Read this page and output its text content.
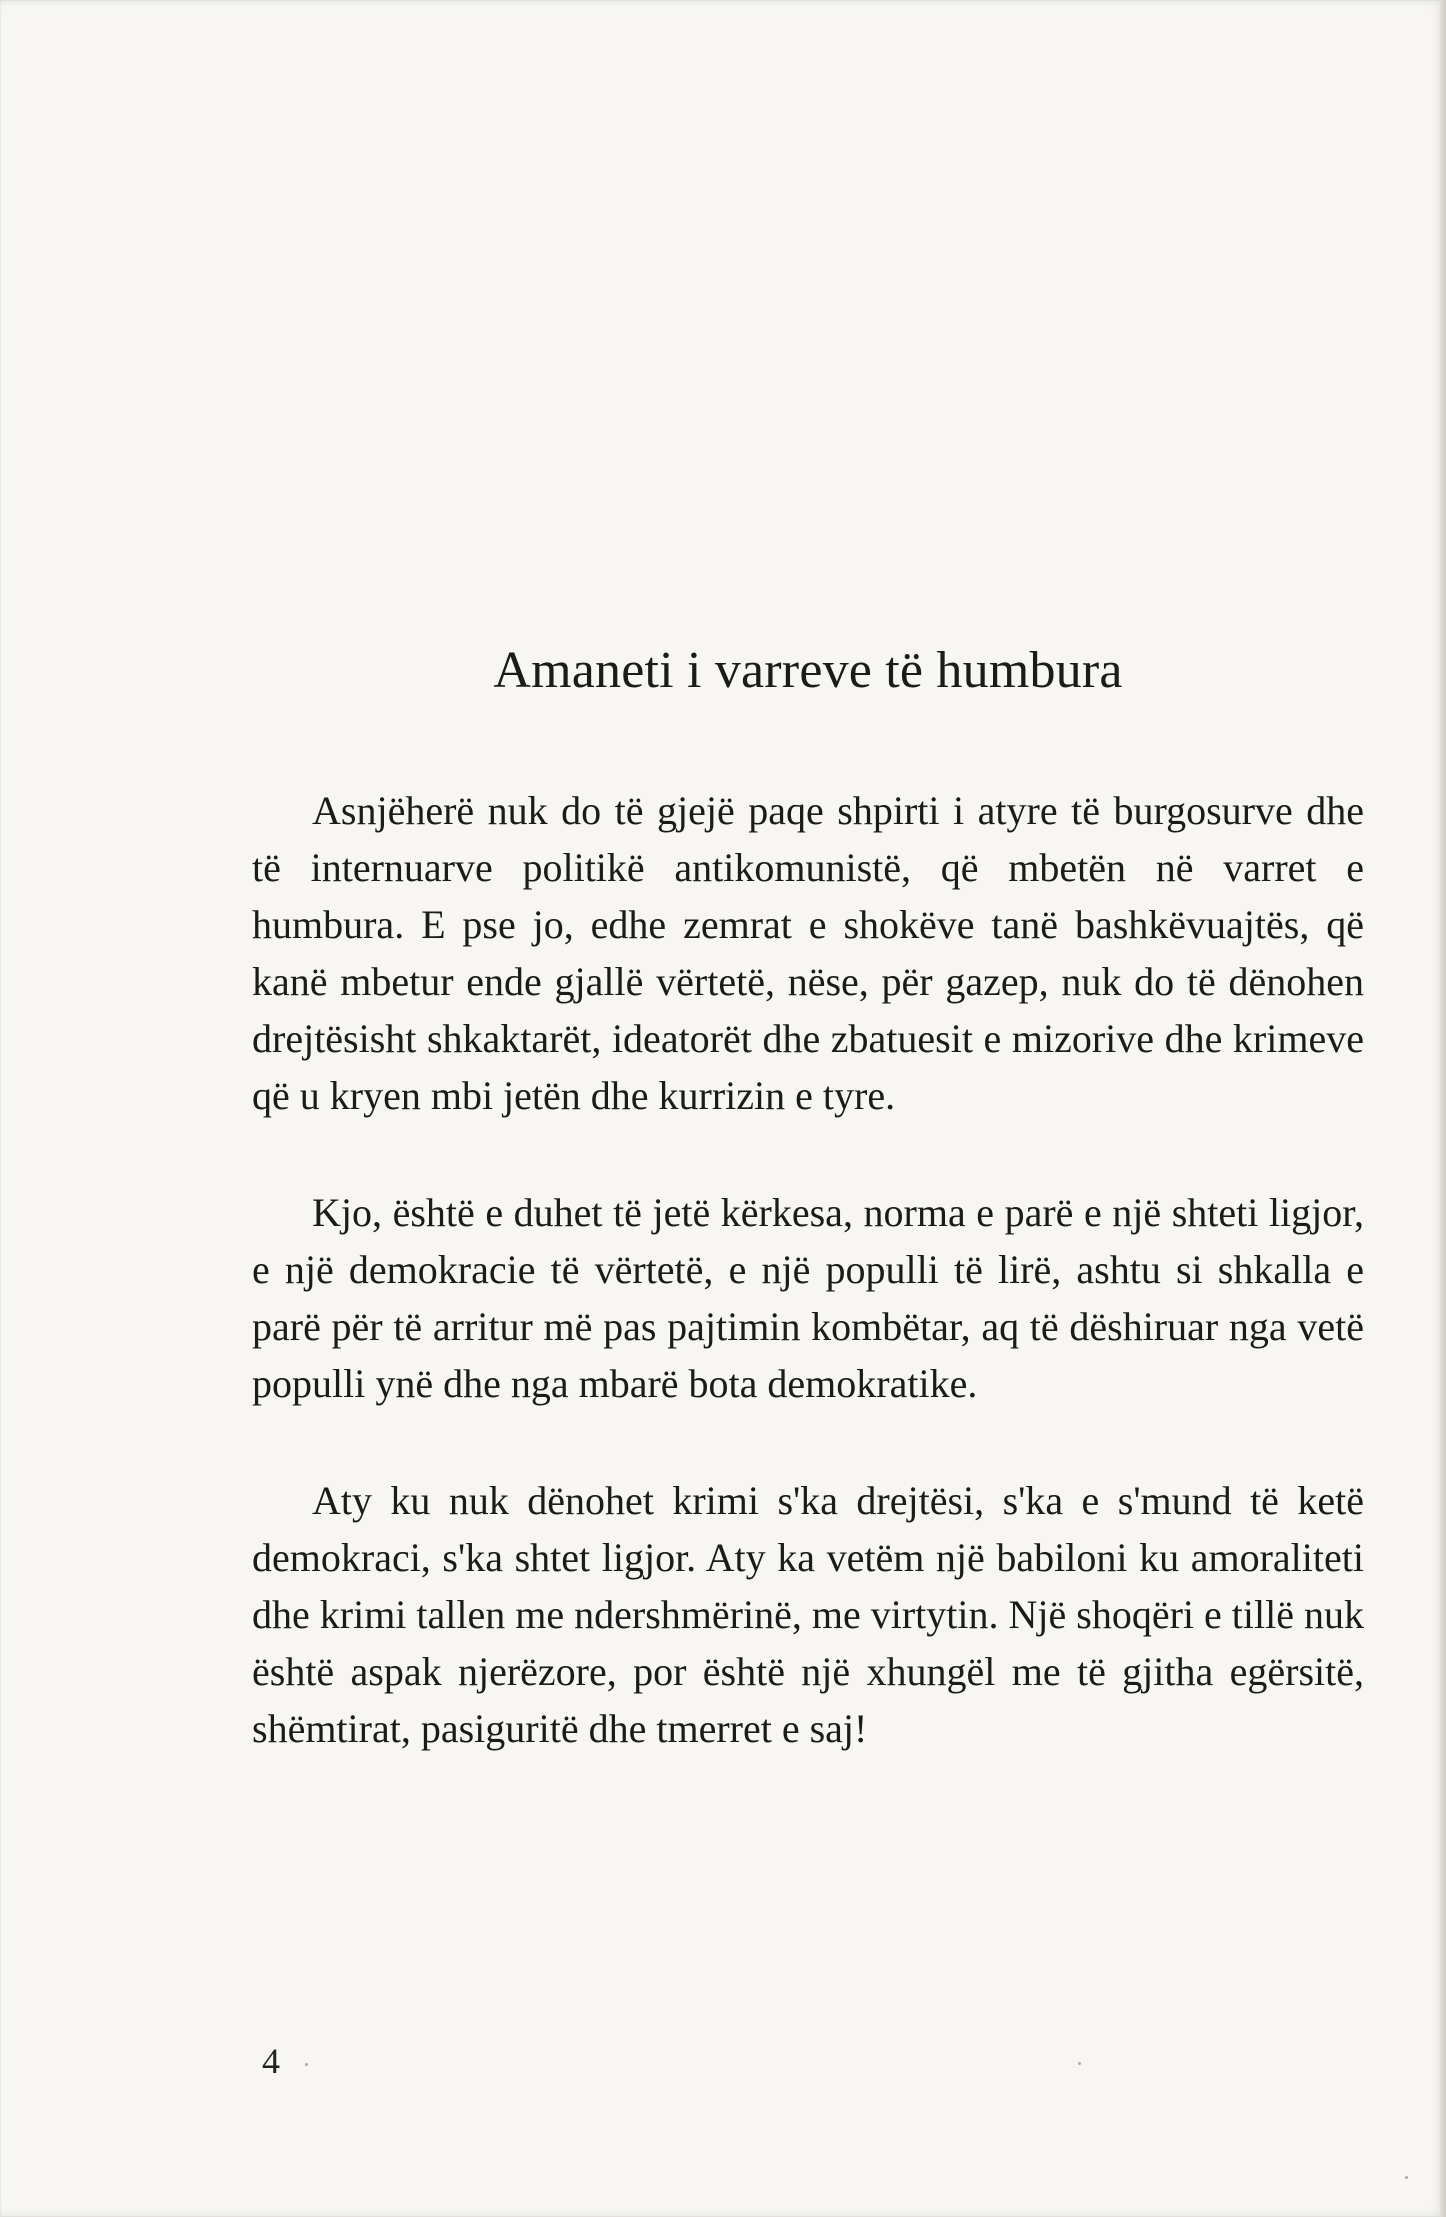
Amaneti i varreve të humbura

Asnjëherë nuk do të gjejë paqe shpirti i atyre të burgosurve dhe të internuarve politikë antikomunistë, që mbetën në varret e humbura. E pse jo, edhe zemrat e shokëve tanë bashkëvuajtës, që kanë mbetur ende gjallë vërtetë, nëse, për gazep, nuk do të dënohen drejtësisht shkaktarët, ideatorët dhe zbatuesit e mizorive dhe krimeve që u kryen mbi jetën dhe kurrizin e tyre.

Kjo, është e duhet të jetë kërkesa, norma e parë e një shteti ligjor, e një demokracie të vërtetë, e një populli të lirë, ashtu si shkalla e parë për të arritur më pas pajtimin kombëtar, aq të dëshiruar nga vetë populli ynë dhe nga mbarë bota demokratike.

Aty ku nuk dënohet krimi s'ka drejtësi, s'ka e s'mund të ketë demokraci, s'ka shtet ligjor. Aty ka vetëm një babiloni ku amoraliteti dhe krimi tallen me ndershmërinë, me virtytin. Një shoqëri e tillë nuk është aspak njerëzore, por është një xhungël me të gjitha egërsitë, shëmtirat, pasiguritë dhe tmerret e saj!

4
